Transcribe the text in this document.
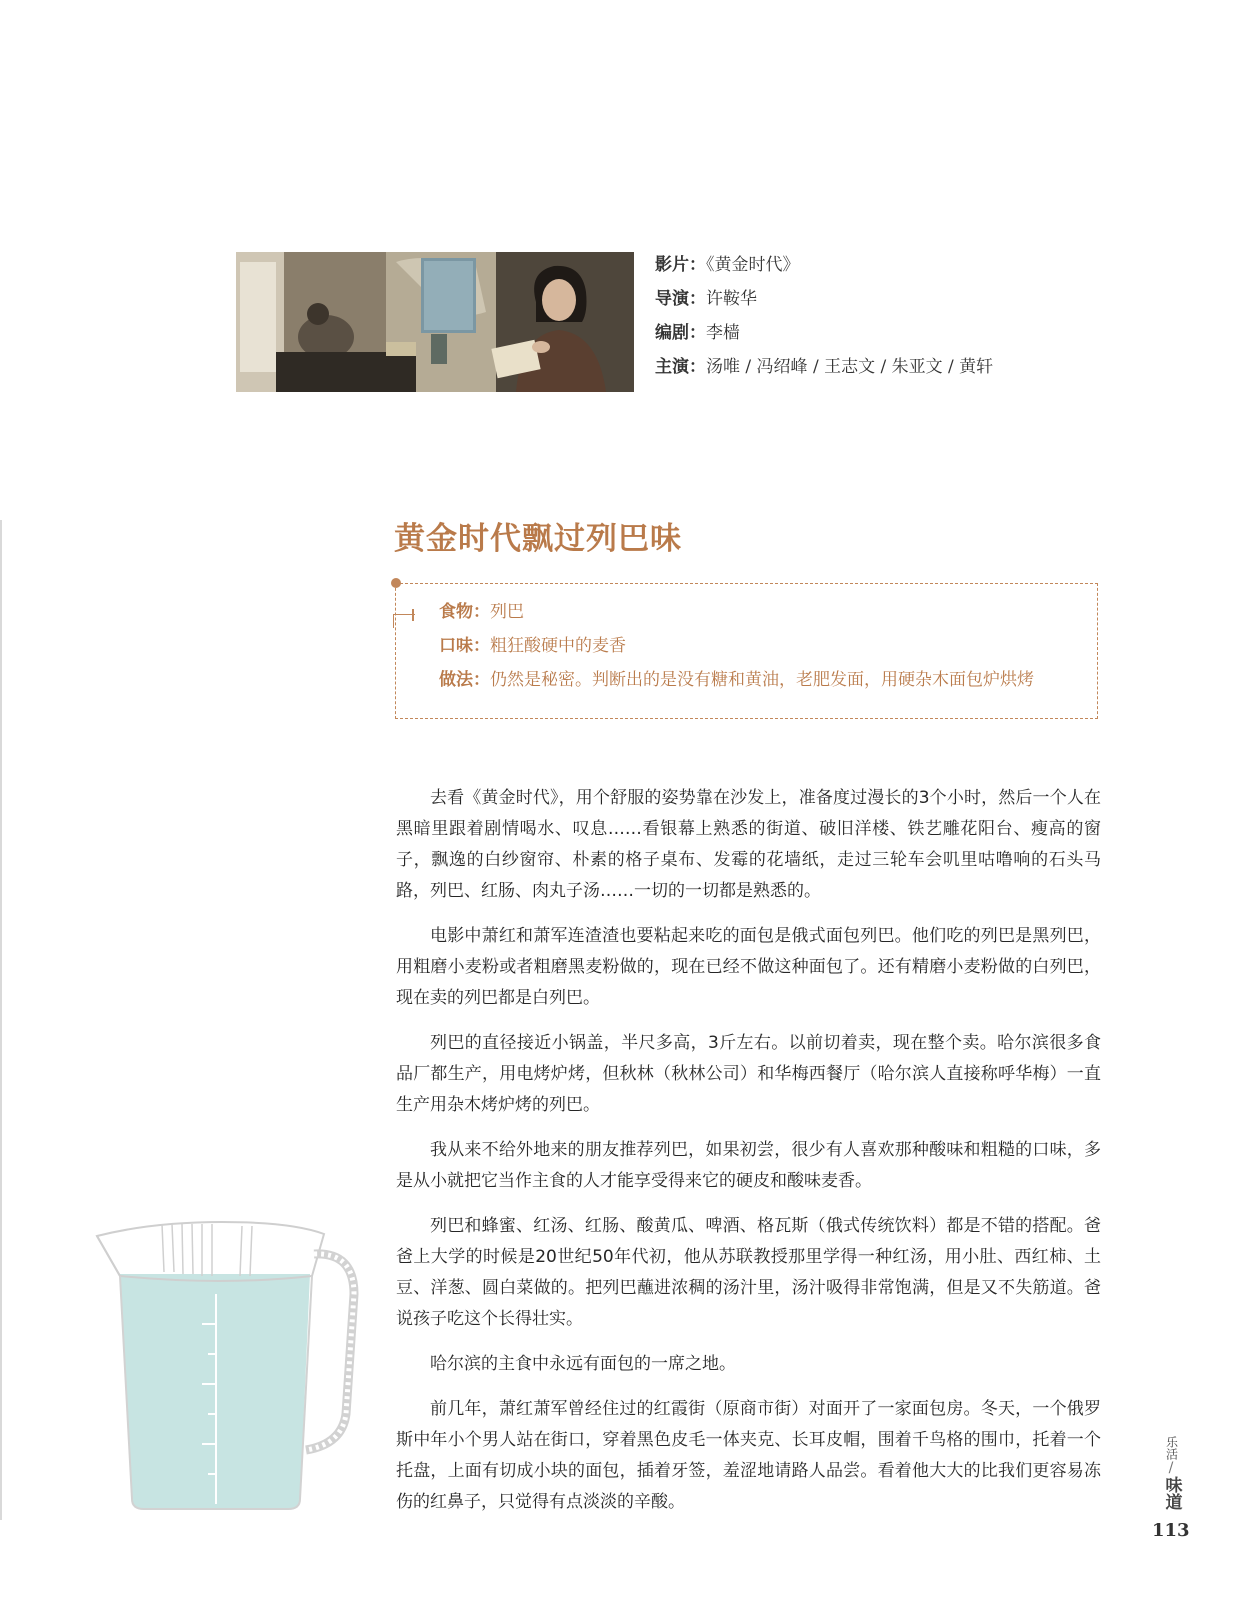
影片：《黄金时代》
导演：许鞍华
编剧：李樯
主演：汤唯 / 冯绍峰 / 王志文 / 朱亚文 / 黄轩
黄金时代飘过列巴味
食物：列巴
口味：粗狂酸硬中的麦香
做法：仍然是秘密。判断出的是没有糖和黄油，老肥发面，用硬杂木面包炉烘烤

去看《黄金时代》，用个舒服的姿势靠在沙发上，准备度过漫长的3个小时，然后一个人在黑暗里跟着剧情喝水、叹息……看银幕上熟悉的街道、破旧洋楼、铁艺雕花阳台、瘦高的窗子，飘逸的白纱窗帘、朴素的格子桌布、发霉的花墙纸，走过三轮车会叽里咕噜响的石头马路，列巴、红肠、肉丸子汤……一切的一切都是熟悉的。

电影中萧红和萧军连渣渣也要粘起来吃的面包是俄式面包列巴。他们吃的列巴是黑列巴，用粗磨小麦粉或者粗磨黑麦粉做的，现在已经不做这种面包了。还有精磨小麦粉做的白列巴，现在卖的列巴都是白列巴。

列巴的直径接近小锅盖，半尺多高，3斤左右。以前切着卖，现在整个卖。哈尔滨很多食品厂都生产，用电烤炉烤，但秋林（秋林公司）和华梅西餐厅（哈尔滨人直接称呼华梅）一直生产用杂木烤炉烤的列巴。

我从来不给外地来的朋友推荐列巴，如果初尝，很少有人喜欢那种酸味和粗糙的口味，多是从小就把它当作主食的人才能享受得来它的硬皮和酸味麦香。

列巴和蜂蜜、红汤、红肠、酸黄瓜、啤酒、格瓦斯（俄式传统饮料）都是不错的搭配。爸爸上大学的时候是20世纪50年代初，他从苏联教授那里学得一种红汤，用小肚、西红柿、土豆、洋葱、圆白菜做的。把列巴蘸进浓稠的汤汁里，汤汁吸得非常饱满，但是又不失筋道。爸说孩子吃这个长得壮实。

哈尔滨的主食中永远有面包的一席之地。

前几年，萧红萧军曾经住过的红霞街（原商市街）对面开了一家面包房。冬天，一个俄罗斯中年小个男人站在街口，穿着黑色皮毛一体夹克、长耳皮帽，围着千鸟格的围巾，托着一个托盘，上面有切成小块的面包，插着牙签，羞涩地请路人品尝。看着他大大的比我们更容易冻伤的红鼻子，只觉得有点淡淡的辛酸。

乐活
/
味道
113
